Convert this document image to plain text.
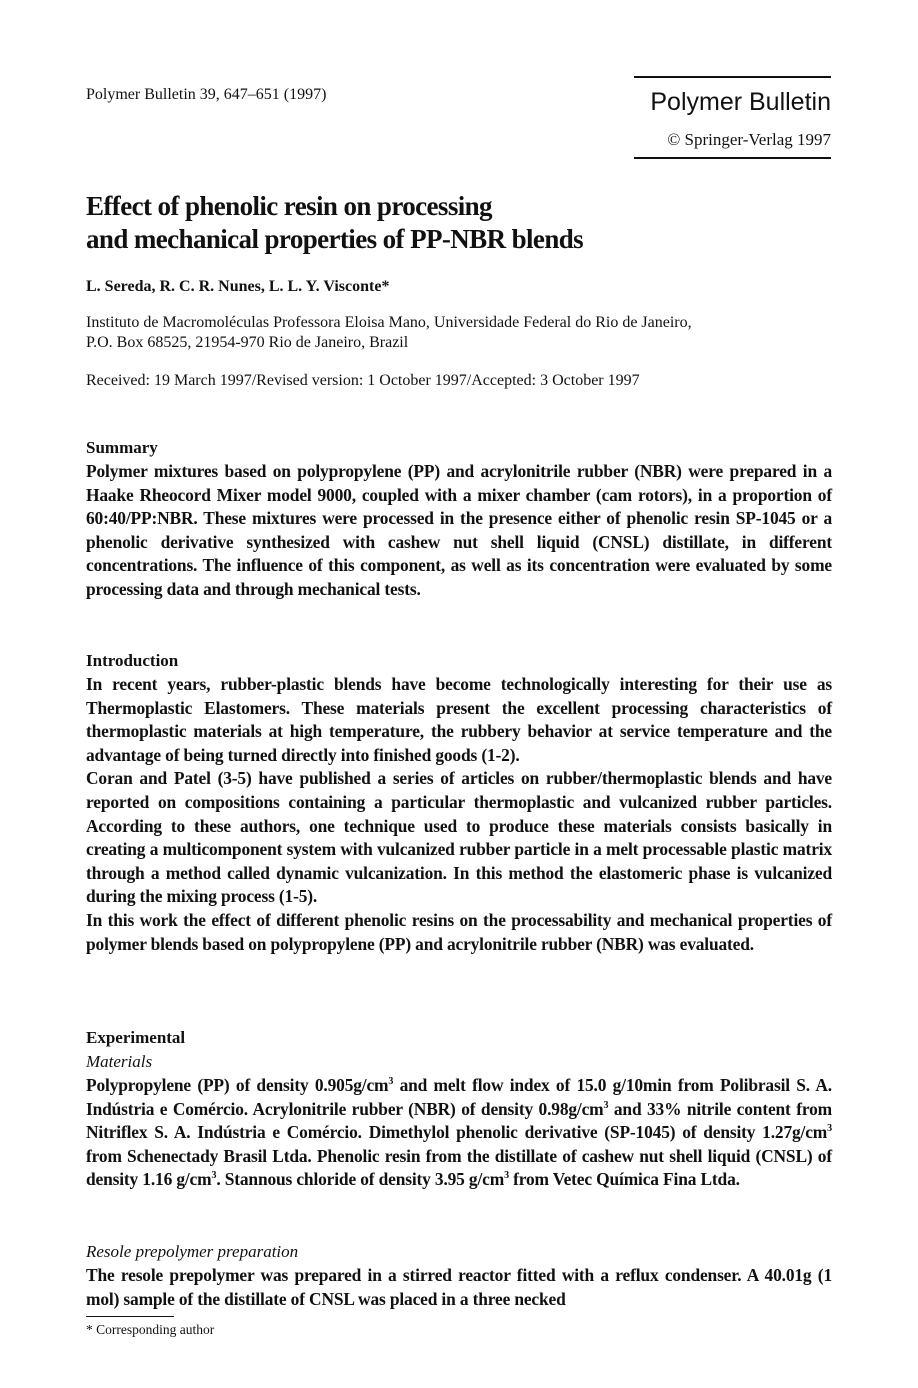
Polymer Bulletin 39, 647–651 (1997)	Polymer Bulletin
© Springer-Verlag 1997
Effect of phenolic resin on processing
and mechanical properties of PP-NBR blends
L. Sereda, R. C. R. Nunes, L. L. Y. Visconte*
Instituto de Macromoléculas Professora Eloisa Mano, Universidade Federal do Rio de Janeiro,
P.O. Box 68525, 21954-970 Rio de Janeiro, Brazil
Received: 19 March 1997/Revised version: 1 October 1997/Accepted: 3 October 1997
Summary
Polymer mixtures based on polypropylene (PP) and acrylonitrile rubber (NBR) were prepared in a Haake Rheocord Mixer model 9000, coupled with a mixer chamber (cam rotors), in a proportion of 60:40/PP:NBR. These mixtures were processed in the presence either of phenolic resin SP-1045 or a phenolic derivative synthesized with cashew nut shell liquid (CNSL) distillate, in different concentrations. The influence of this component, as well as its concentration were evaluated by some processing data and through mechanical tests.
Introduction

In recent years, rubber-plastic blends have become technologically interesting for their use as Thermoplastic Elastomers. These materials present the excellent processing characteristics of thermoplastic materials at high temperature, the rubbery behavior at service temperature and the advantage of being turned directly into finished goods (1-2).

Coran and Patel (3-5) have published a series of articles on rubber/thermoplastic blends and have reported on compositions containing a particular thermoplastic and vulcanized rubber particles. According to these authors, one technique used to produce these materials consists basically in creating a multicomponent system with vulcanized rubber particle in a melt processable plastic matrix through a method called dynamic vulcanization. In this method the elastomeric phase is vulcanized during the mixing process (1-5).

In this work the effect of different phenolic resins on the processability and mechanical properties of polymer blends based on polypropylene (PP) and acrylonitrile rubber (NBR) was evaluated.

Experimental
Materials
Polypropylene (PP) of density $0.905g/cm^3$ and melt flow index of 15.0 g/10min from Polibrasil S. A. Indústria e Comércio. Acrylonitrile rubber (NBR) of density $0.98g/cm^3$ and 33% nitrile content from Nitriflex S. A. Indústria e Comércio. Dimethylol phenolic derivative (SP-1045) of density $1.27g/cm^3$ from Schenectady Brasil Ltda. Phenolic resin from the distillate of cashew nut shell liquid (CNSL) of density 1.16 $g/cm^3$. Stannous chloride of density 3.95 $g/cm^3$ from Vetec Química Fina Ltda.
Resole prepolymer preparation
The resole prepolymer was prepared in a stirred reactor fitted with a reflux condenser. A 40.01g (1 mol) sample of the distillate of CNSL was placed in a three necked
* Corresponding author
